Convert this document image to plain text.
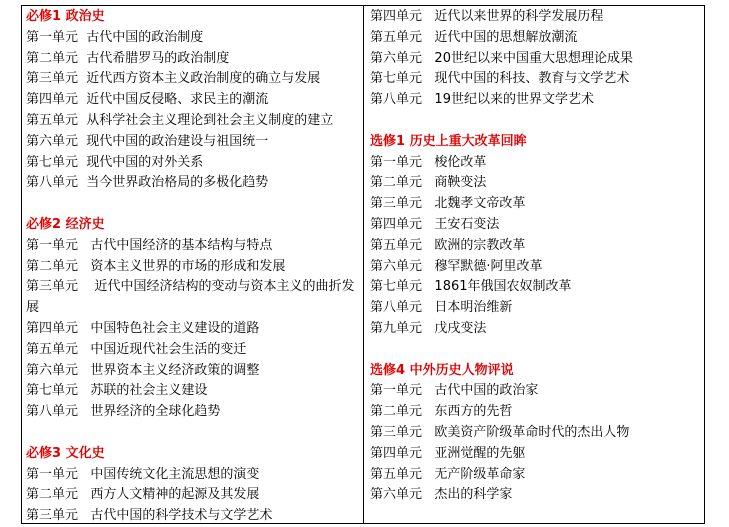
必修1 政治史
第一单元 古代中国的政治制度
第二单元 古代希腊罗马的政治制度
第三单元 近代西方资本主义政治制度的确立与发展
第四单元 近代中国反侵略、求民主的潮流
第五单元 从科学社会主义理论到社会主义制度的建立
第六单元 现代中国的政治建设与祖国统一
第七单元 现代中国的对外关系
第八单元 当今世界政治格局的多极化趋势
必修2 经济史
第一单元 古代中国经济的基本结构与特点
第二单元 资本主义世界的市场的形成和发展
第三单元 近代中国经济结构的变动与资本主义的曲折发展
第四单元 中国特色社会主义建设的道路
第五单元 中国近现代社会生活的变迁
第六单元 世界资本主义经济政策的调整
第七单元 苏联的社会主义建设
第八单元 世界经济的全球化趋势
必修3 文化史
第一单元 中国传统文化主流思想的演变
第二单元 西方人文精神的起源及其发展
第三单元 古代中国的科学技术与文学艺术
第四单元 近代以来世界的科学发展历程
第五单元 近代中国的思想解放潮流
第六单元 20世纪以来中国重大思想理论成果
第七单元 现代中国的科技、教育与文学艺术
第八单元 19世纪以来的世界文学艺术
选修1 历史上重大改革回眸
第一单元 梭伦改革
第二单元 商鞅变法
第三单元 北魏孝文帝改革
第四单元 王安石变法
第五单元 欧洲的宗教改革
第六单元 穆罕默德·阿里改革
第七单元 1861年俄国农奴制改革
第八单元 日本明治维新
第九单元 戊戌变法
选修4 中外历史人物评说
第一单元 古代中国的政治家
第二单元 东西方的先哲
第三单元 欧美资产阶级革命时代的杰出人物
第四单元 亚洲觉醒的先躯
第五单元 无产阶级革命家
第六单元 杰出的科学家
